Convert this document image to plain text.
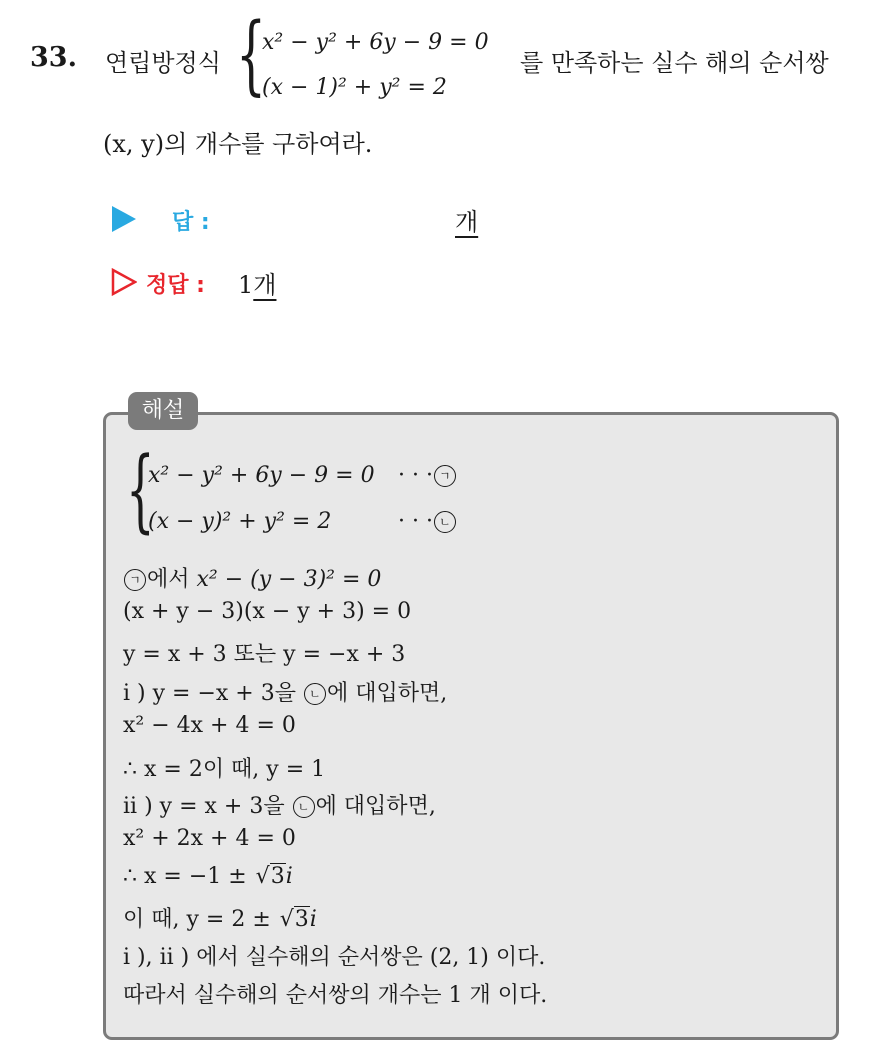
33. 연립방정식 {
x² − y² + 6y − 9 = 0
(x − 1)² + y² = 2
를 만족하는 실수 해의 순서쌍
(x, y)의 개수를 구하여라.
답 :	개
정답 : 1개
해설
{
x² − y² + 6y − 9 = 0 · · · ㄱ
(x − y)² + y² = 2	· · · ㄴ
ㄱ 에서 x² − (y − 3)² = 0
(x + y − 3)(x − y + 3) = 0
y = x + 3 또는 y = −x + 3
i ) y = −x + 3을 ㄴ 에 대입하면,
x² − 4x + 4 = 0
∴ x = 2이 때, y = 1
ii ) y = x + 3을 ㄴ 에 대입하면,
x² + 2x + 4 = 0
∴ x = −1 ± √3i
이 때, y = 2 ± √3i
i ), ii ) 에서 실수해의 순서쌍은 (2, 1) 이다.
따라서 실수해의 순서쌍의 개수는 1 개 이다.
